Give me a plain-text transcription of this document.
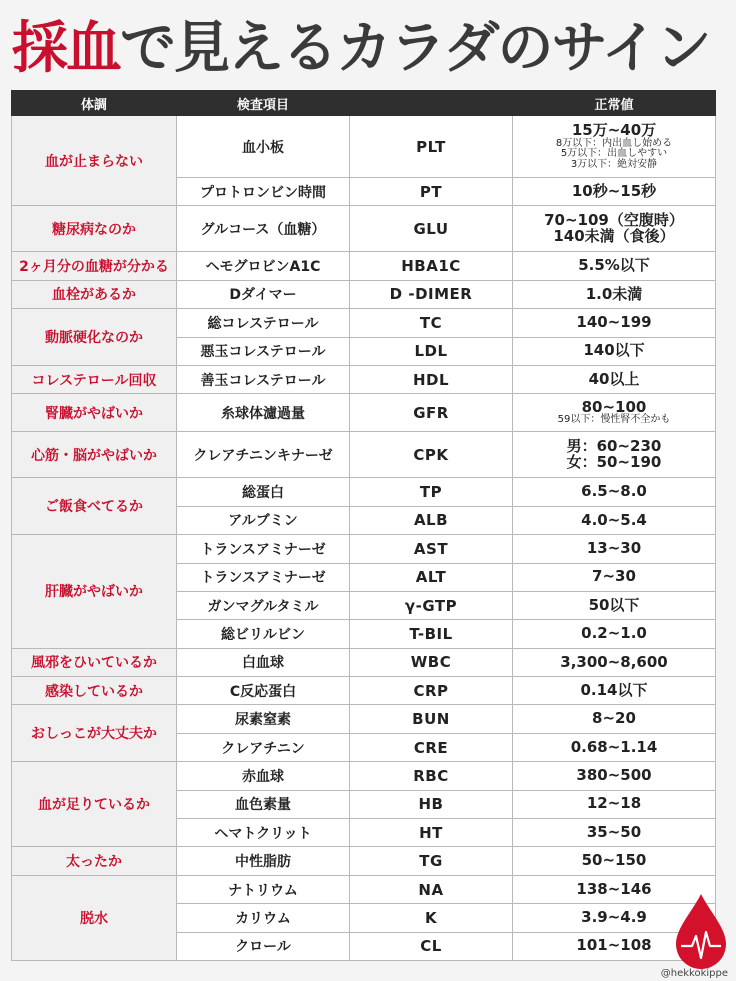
採血 で見えるカラダのサイン
体調	検査項目		正常値
血が止まらない	血小板	PLT	15万~40万
8万以下：内出血し始める
5万以下：出血しやすい
3万以下：絶対安静

	プロトロンビン時間	PT	10秒~15秒

糖尿病なのか	グルコース（血糖）	GLU	70~109（空腹時）
140未満（食後）

2ヶ月分の血糖が分かる	ヘモグロビンA1C	HBA1C	5.5%以下

血栓があるか	Dダイマー	D -DIMER	1.0未満

動脈硬化なのか	総コレステロール	TC	140~199

	悪玉コレステロール	LDL	140以下

コレステロール回収	善玉コレステロール	HDL	40以上

腎臓がやばいか	糸球体濾過量	GFR	80~100
59以下：慢性腎不全かも

心筋・脳がやばいか	クレアチニンキナーゼ	CPK	男：60~230
女：50~190

ご飯食べてるか	総蛋白	TP	6.5~8.0

	アルブミン	ALB	4.0~5.4

肝臓がやばいか	トランスアミナーゼ	AST	13~30

	トランスアミナーゼ	ALT	7~30

	ガンマグルタミル	γ-GTP	50以下

	総ビリルビン	T-BIL	0.2~1.0

風邪をひいているか	白血球	WBC	3,300~8,600

感染しているか	C反応蛋白	CRP	0.14以下

おしっこが大丈夫か	尿素窒素	BUN	8~20

	クレアチニン	CRE	0.68~1.14

血が足りているか	赤血球	RBC	380~500

	血色素量	HB	12~18

	ヘマトクリット	HT	35~50

太ったか	中性脂肪	TG	50~150

脱水	ナトリウム	NA	138~146

	カリウム	K	3.9~4.9

	クロール	CL	101~108
@hekkokippe
